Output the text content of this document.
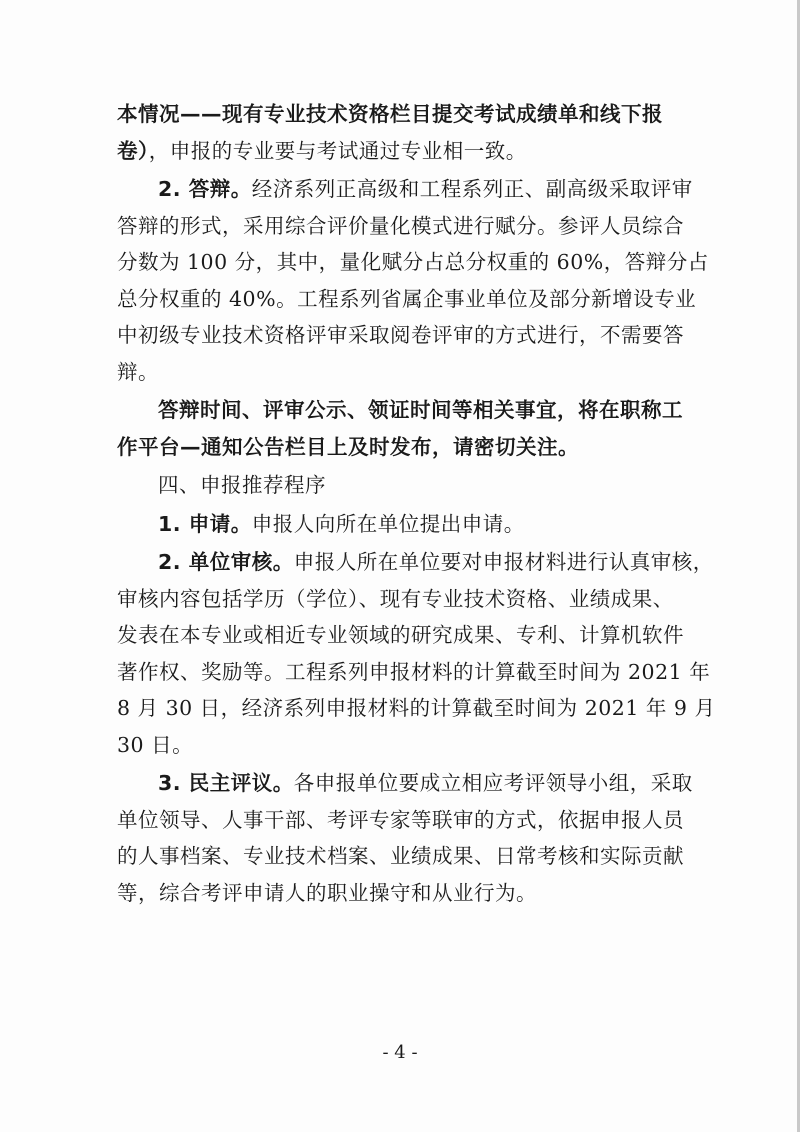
本情况——现有专业技术资格栏目提交考试成绩单和线下报
卷），申报的专业要与考试通过专业相一致。
2. 答辩。经济系列正高级和工程系列正、副高级采取评审
答辩的形式，采用综合评价量化模式进行赋分。参评人员综合
分数为 100 分，其中，量化赋分占总分权重的 60%，答辩分占
总分权重的 40%。工程系列省属企事业单位及部分新增设专业
中初级专业技术资格评审采取阅卷评审的方式进行，不需要答
辩。
答辩时间、评审公示、领证时间等相关事宜，将在职称工
作平台—通知公告栏目上及时发布，请密切关注。
四、申报推荐程序
1. 申请。申报人向所在单位提出申请。
2. 单位审核。申报人所在单位要对申报材料进行认真审核，
审核内容包括学历（学位）、现有专业技术资格、业绩成果、
发表在本专业或相近专业领域的研究成果、专利、计算机软件
著作权、奖励等。工程系列申报材料的计算截至时间为 2021 年
8 月 30 日，经济系列申报材料的计算截至时间为 2021 年 9 月
30 日。
3. 民主评议。各申报单位要成立相应考评领导小组，采取
单位领导、人事干部、考评专家等联审的方式，依据申报人员
的人事档案、专业技术档案、业绩成果、日常考核和实际贡献
等，综合考评申请人的职业操守和从业行为。
- 4 -
